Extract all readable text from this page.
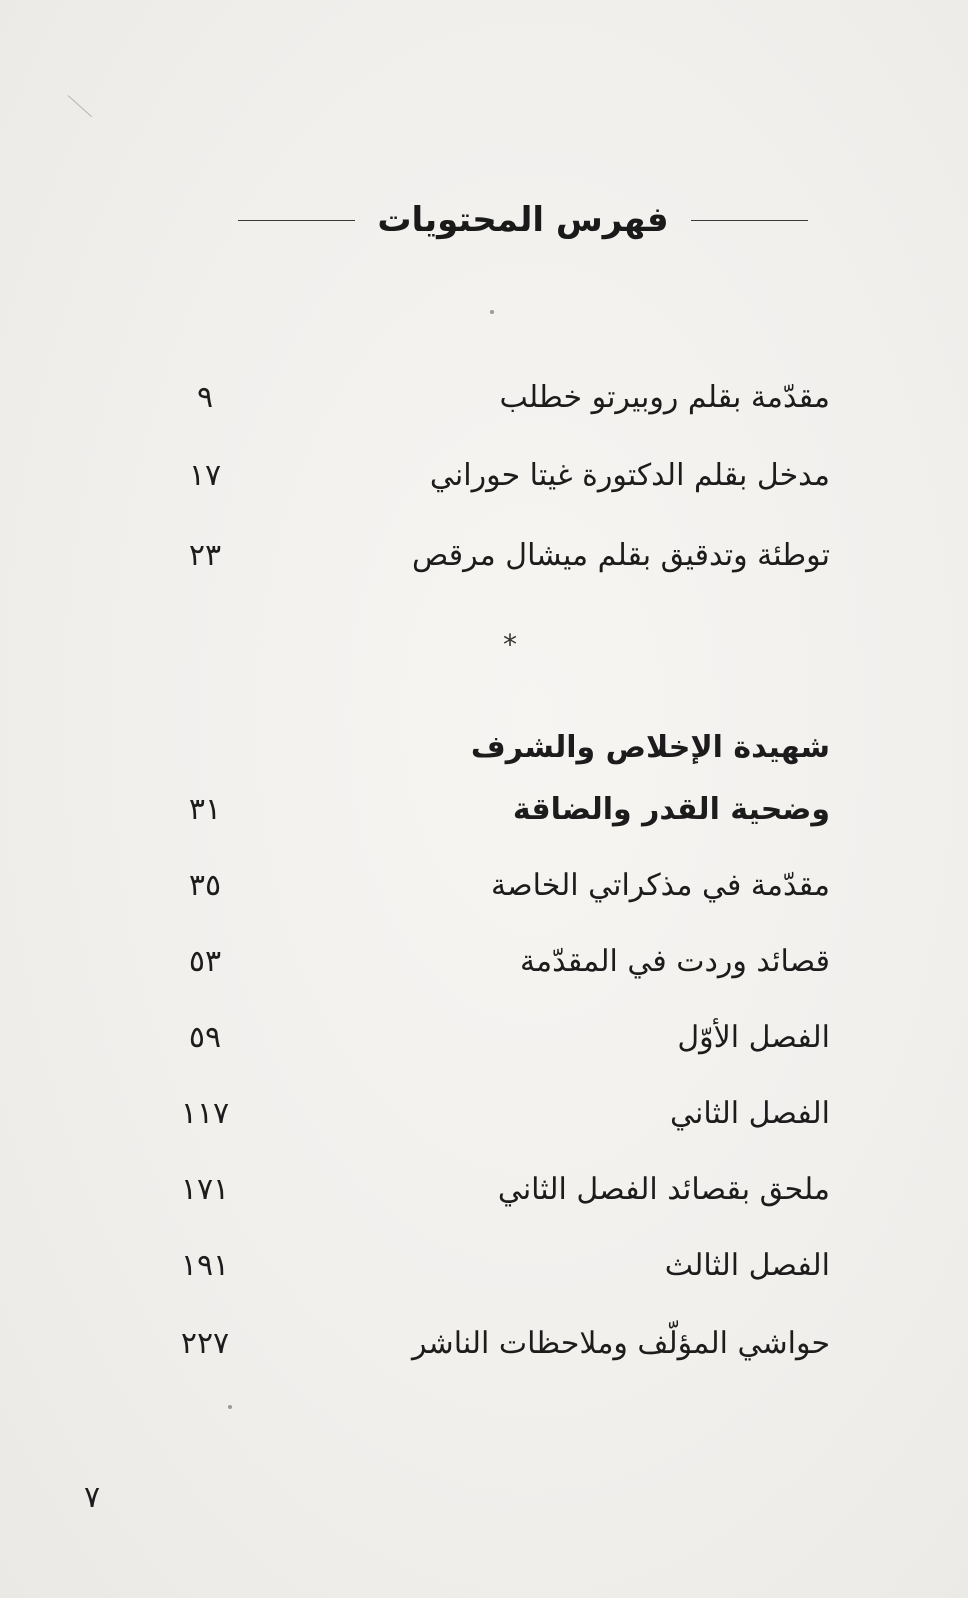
فهرس المحتويات
مقدّمة بقلم روبيرتو خطلب
٩
مدخل بقلم الدكتورة غيتا حوراني
١٧
توطئة وتدقيق بقلم ميشال مرقص
٢٣
*
شهيدة الإخلاص والشرف
وضحية القدر والضاقة
٣١
مقدّمة في مذكراتي الخاصة
٣٥
قصائد وردت في المقدّمة
٥٣
الفصل الأوّل
٥٩
الفصل الثاني
١١٧
ملحق بقصائد الفصل الثاني
١٧١
الفصل الثالث
١٩١
حواشي المؤلّف وملاحظات الناشر
٢٢٧
٧
